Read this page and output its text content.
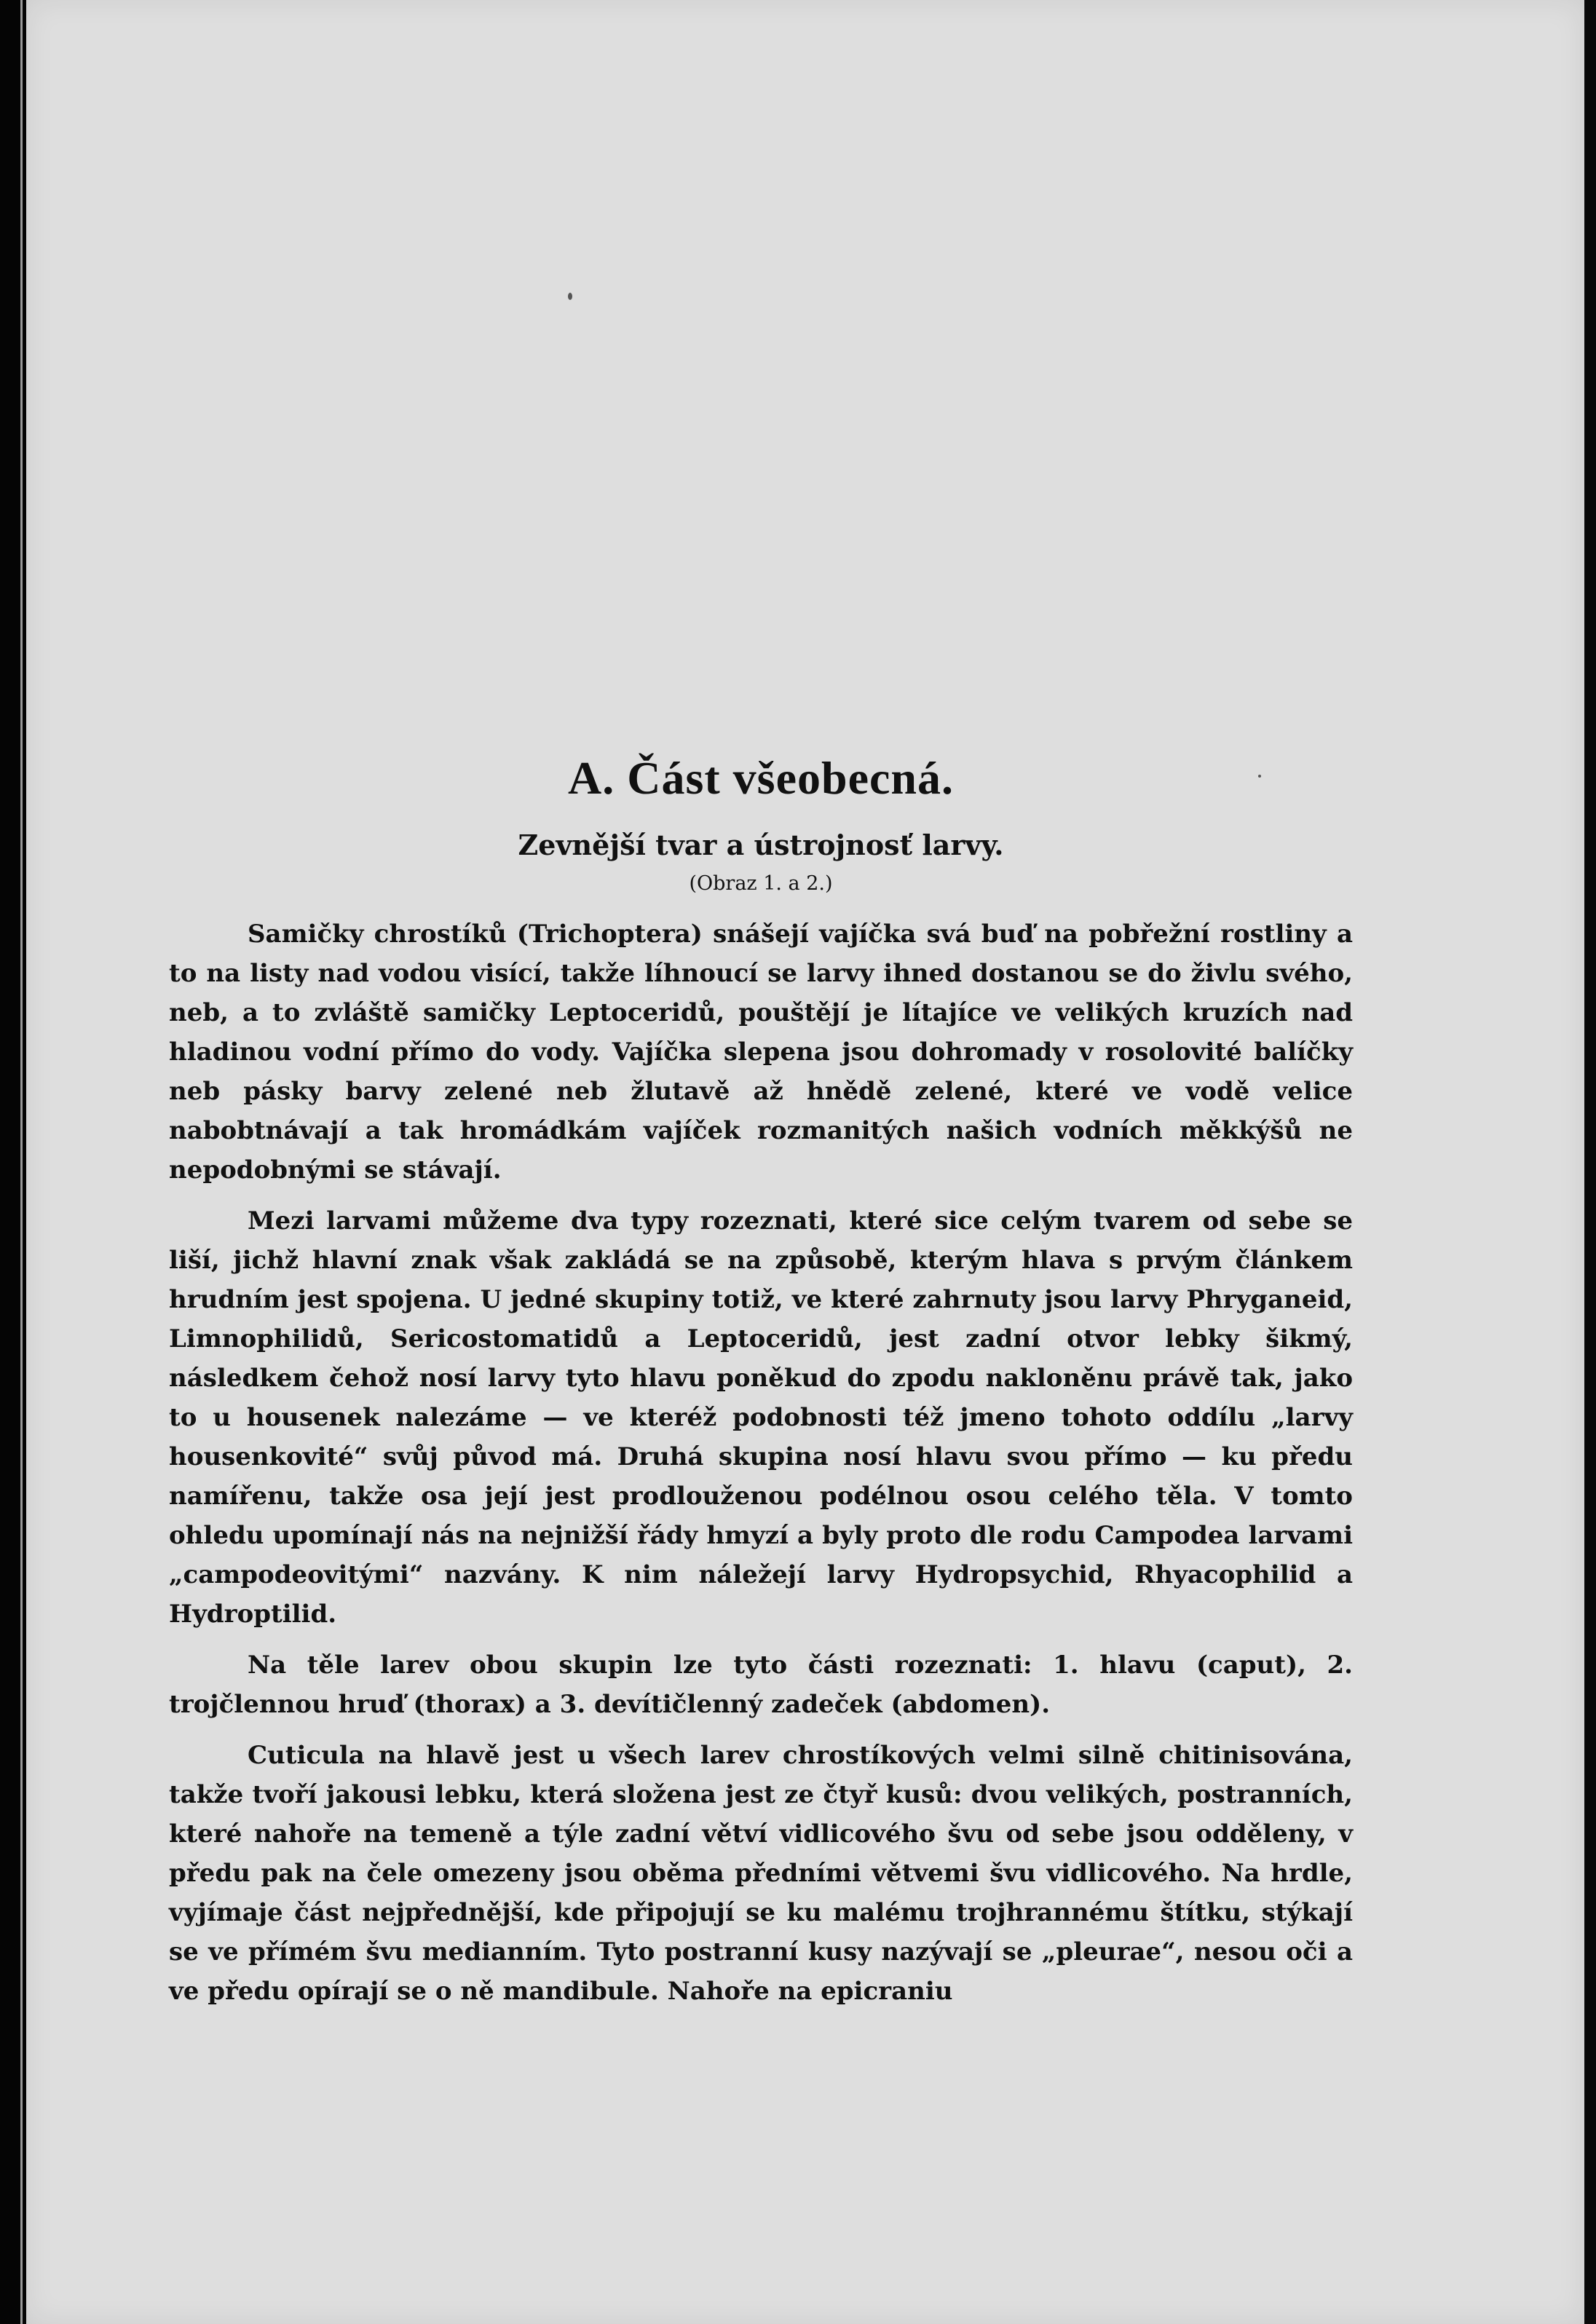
A. Část všeobecná.
Zevnější tvar a ústrojnosť larvy.
(Obraz 1. a 2.)

Samičky chrostíků (Trichoptera) snášejí vajíčka svá buď na pobřežní rostliny a to na listy nad vodou visící, takže líhnoucí se larvy ihned dostanou se do živlu svého, neb, a to zvláště samičky Leptoceridů, pouštějí je lítajíce ve velikých kruzích nad hladinou vodní přímo do vody. Vajíčka slepena jsou dohromady v rosolovité balíčky neb pásky barvy zelené neb žlutavě až hnědě zelené, které ve vodě velice nabobtnávají a tak hromádkám vajíček rozmanitých našich vodních měkkýšů ne nepodobnými se stávají.

Mezi larvami můžeme dva typy rozeznati, které sice celým tvarem od sebe se liší, jichž hlavní znak však zakládá se na způsobě, kterým hlava s prvým článkem hrudním jest spojena. U jedné skupiny totiž, ve které zahrnuty jsou larvy Phryganeid, Limnophilidů, Sericostomatidů a Leptoceridů, jest zadní otvor lebky šikmý, následkem čehož nosí larvy tyto hlavu poněkud do zpodu nakloněnu právě tak, jako to u housenek nalezáme — ve kteréž podobnosti též jmeno tohoto oddílu „larvy housenkovité“ svůj původ má. Druhá skupina nosí hlavu svou přímo — ku předu namířenu, takže osa její jest prodlouženou podélnou osou celého těla. V tomto ohledu upomínají nás na nejnižší řády hmyzí a byly proto dle rodu Campodea larvami „campodeovitými“ nazvány. K nim náležejí larvy Hydropsychid, Rhyacophilid a Hydroptilid.

Na těle larev obou skupin lze tyto části rozeznati: 1. hlavu (caput), 2. trojčlennou hruď (thorax) a 3. devítičlenný zadeček (abdomen).

Cuticula na hlavě jest u všech larev chrostíkových velmi silně chitinisována, takže tvoří jakousi lebku, která složena jest ze čtyř kusů: dvou velikých, postranních, které nahoře na temeně a týle zadní větví vidlicového švu od sebe jsou odděleny, v předu pak na čele omezeny jsou oběma předními větvemi švu vidlicového. Na hrdle, vyjímaje část nejpřednější, kde připojují se ku malému trojhrannému štítku, stýkají se ve přímém švu medianním. Tyto postranní kusy nazývají se „pleurae“, nesou oči a ve předu opírají se o ně mandibule. Nahoře na epicraniu
